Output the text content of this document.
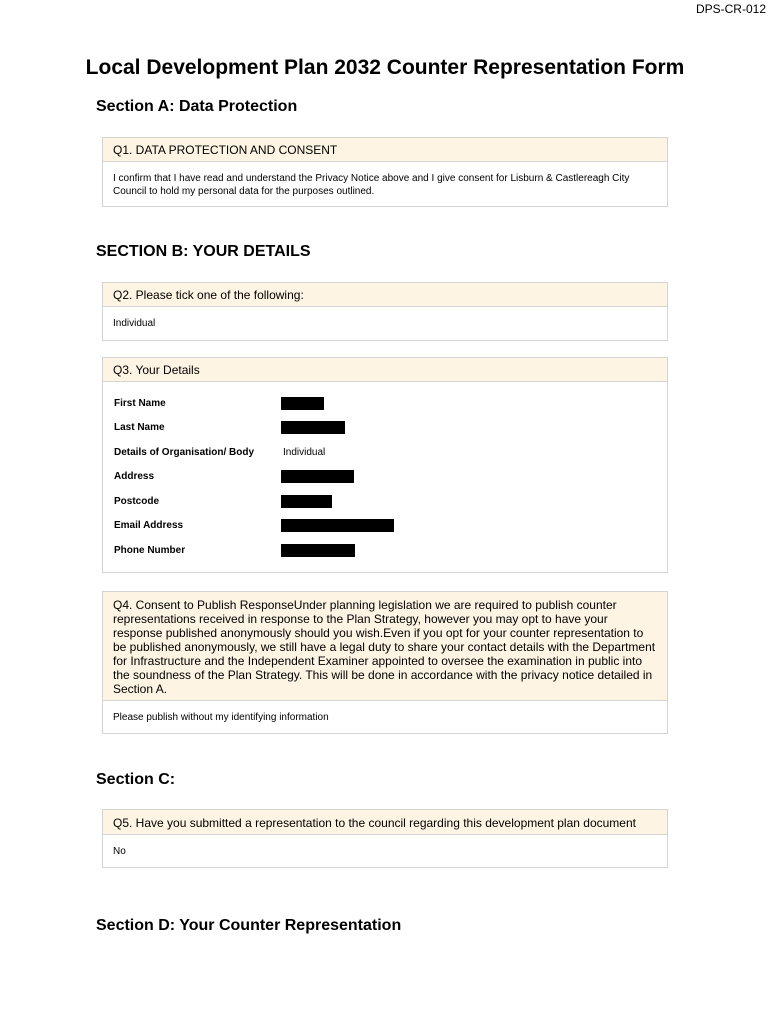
DPS-CR-012
Local Development Plan 2032 Counter Representation Form
Section A: Data Protection
Q1. DATA PROTECTION AND CONSENT
I confirm that I have read and understand the Privacy Notice above and I give consent for Lisburn & Castlereagh City Council to hold my personal data for the purposes outlined.
SECTION B: YOUR DETAILS
Q2. Please tick one of the following:
Individual
Q3. Your Details
First Name	
Last Name	
Details of Organisation/ Body	Individual
Address	
Postcode	
Email Address	
Phone Number	
Q4. Consent to Publish ResponseUnder planning legislation we are required to publish counter representations received in response to the Plan Strategy, however you may opt to have your response published anonymously should you wish.Even if you opt for your counter representation to be published anonymously, we still have a legal duty to share your contact details with the Department for Infrastructure and the Independent Examiner appointed to oversee the examination in public into the soundness of the Plan Strategy. This will be done in accordance with the privacy notice detailed in Section A.
Please publish without my identifying information
Section C:
Q5. Have you submitted a representation to the council regarding this development plan document
No
Section D: Your Counter Representation
